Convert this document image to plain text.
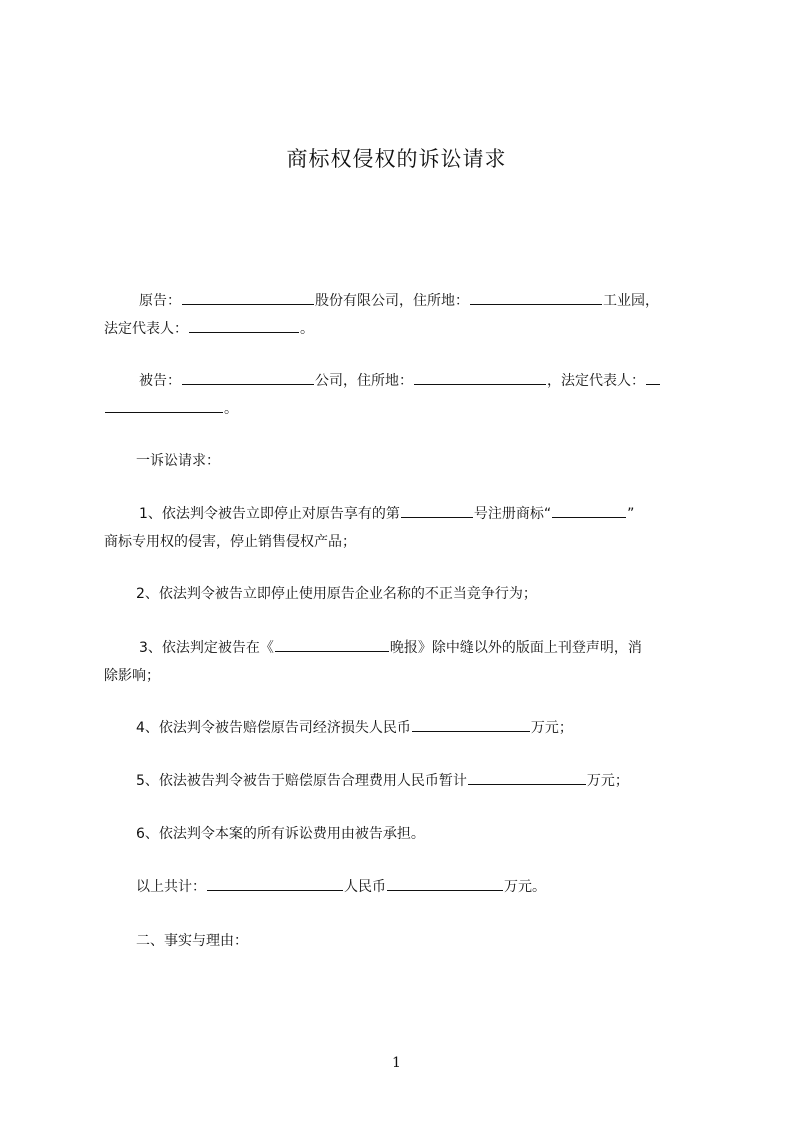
商标权侵权的诉讼请求

原告：	股份有限公司，住所地：	工业园，
法定代表人：	。

被告：	公司，住所地：	，法定代表人：
。

一诉讼请求：

1、依法判令被告立即停止对原告享有的第	号注册商标“	”
商标专用权的侵害，停止销售侵权产品；

2、依法判令被告立即停止使用原告企业名称的不正当竞争行为；

3、依法判定被告在《	晚报》除中缝以外的版面上刊登声明，消
除影响；

4、依法判令被告赔偿原告司经济损失人民币	万元；

5、依法被告判令被告于赔偿原告合理费用人民币暂计	万元；

6、依法判令本案的所有诉讼费用由被告承担。

以上共计：	人民币	万元。

二、事实与理由：

1
